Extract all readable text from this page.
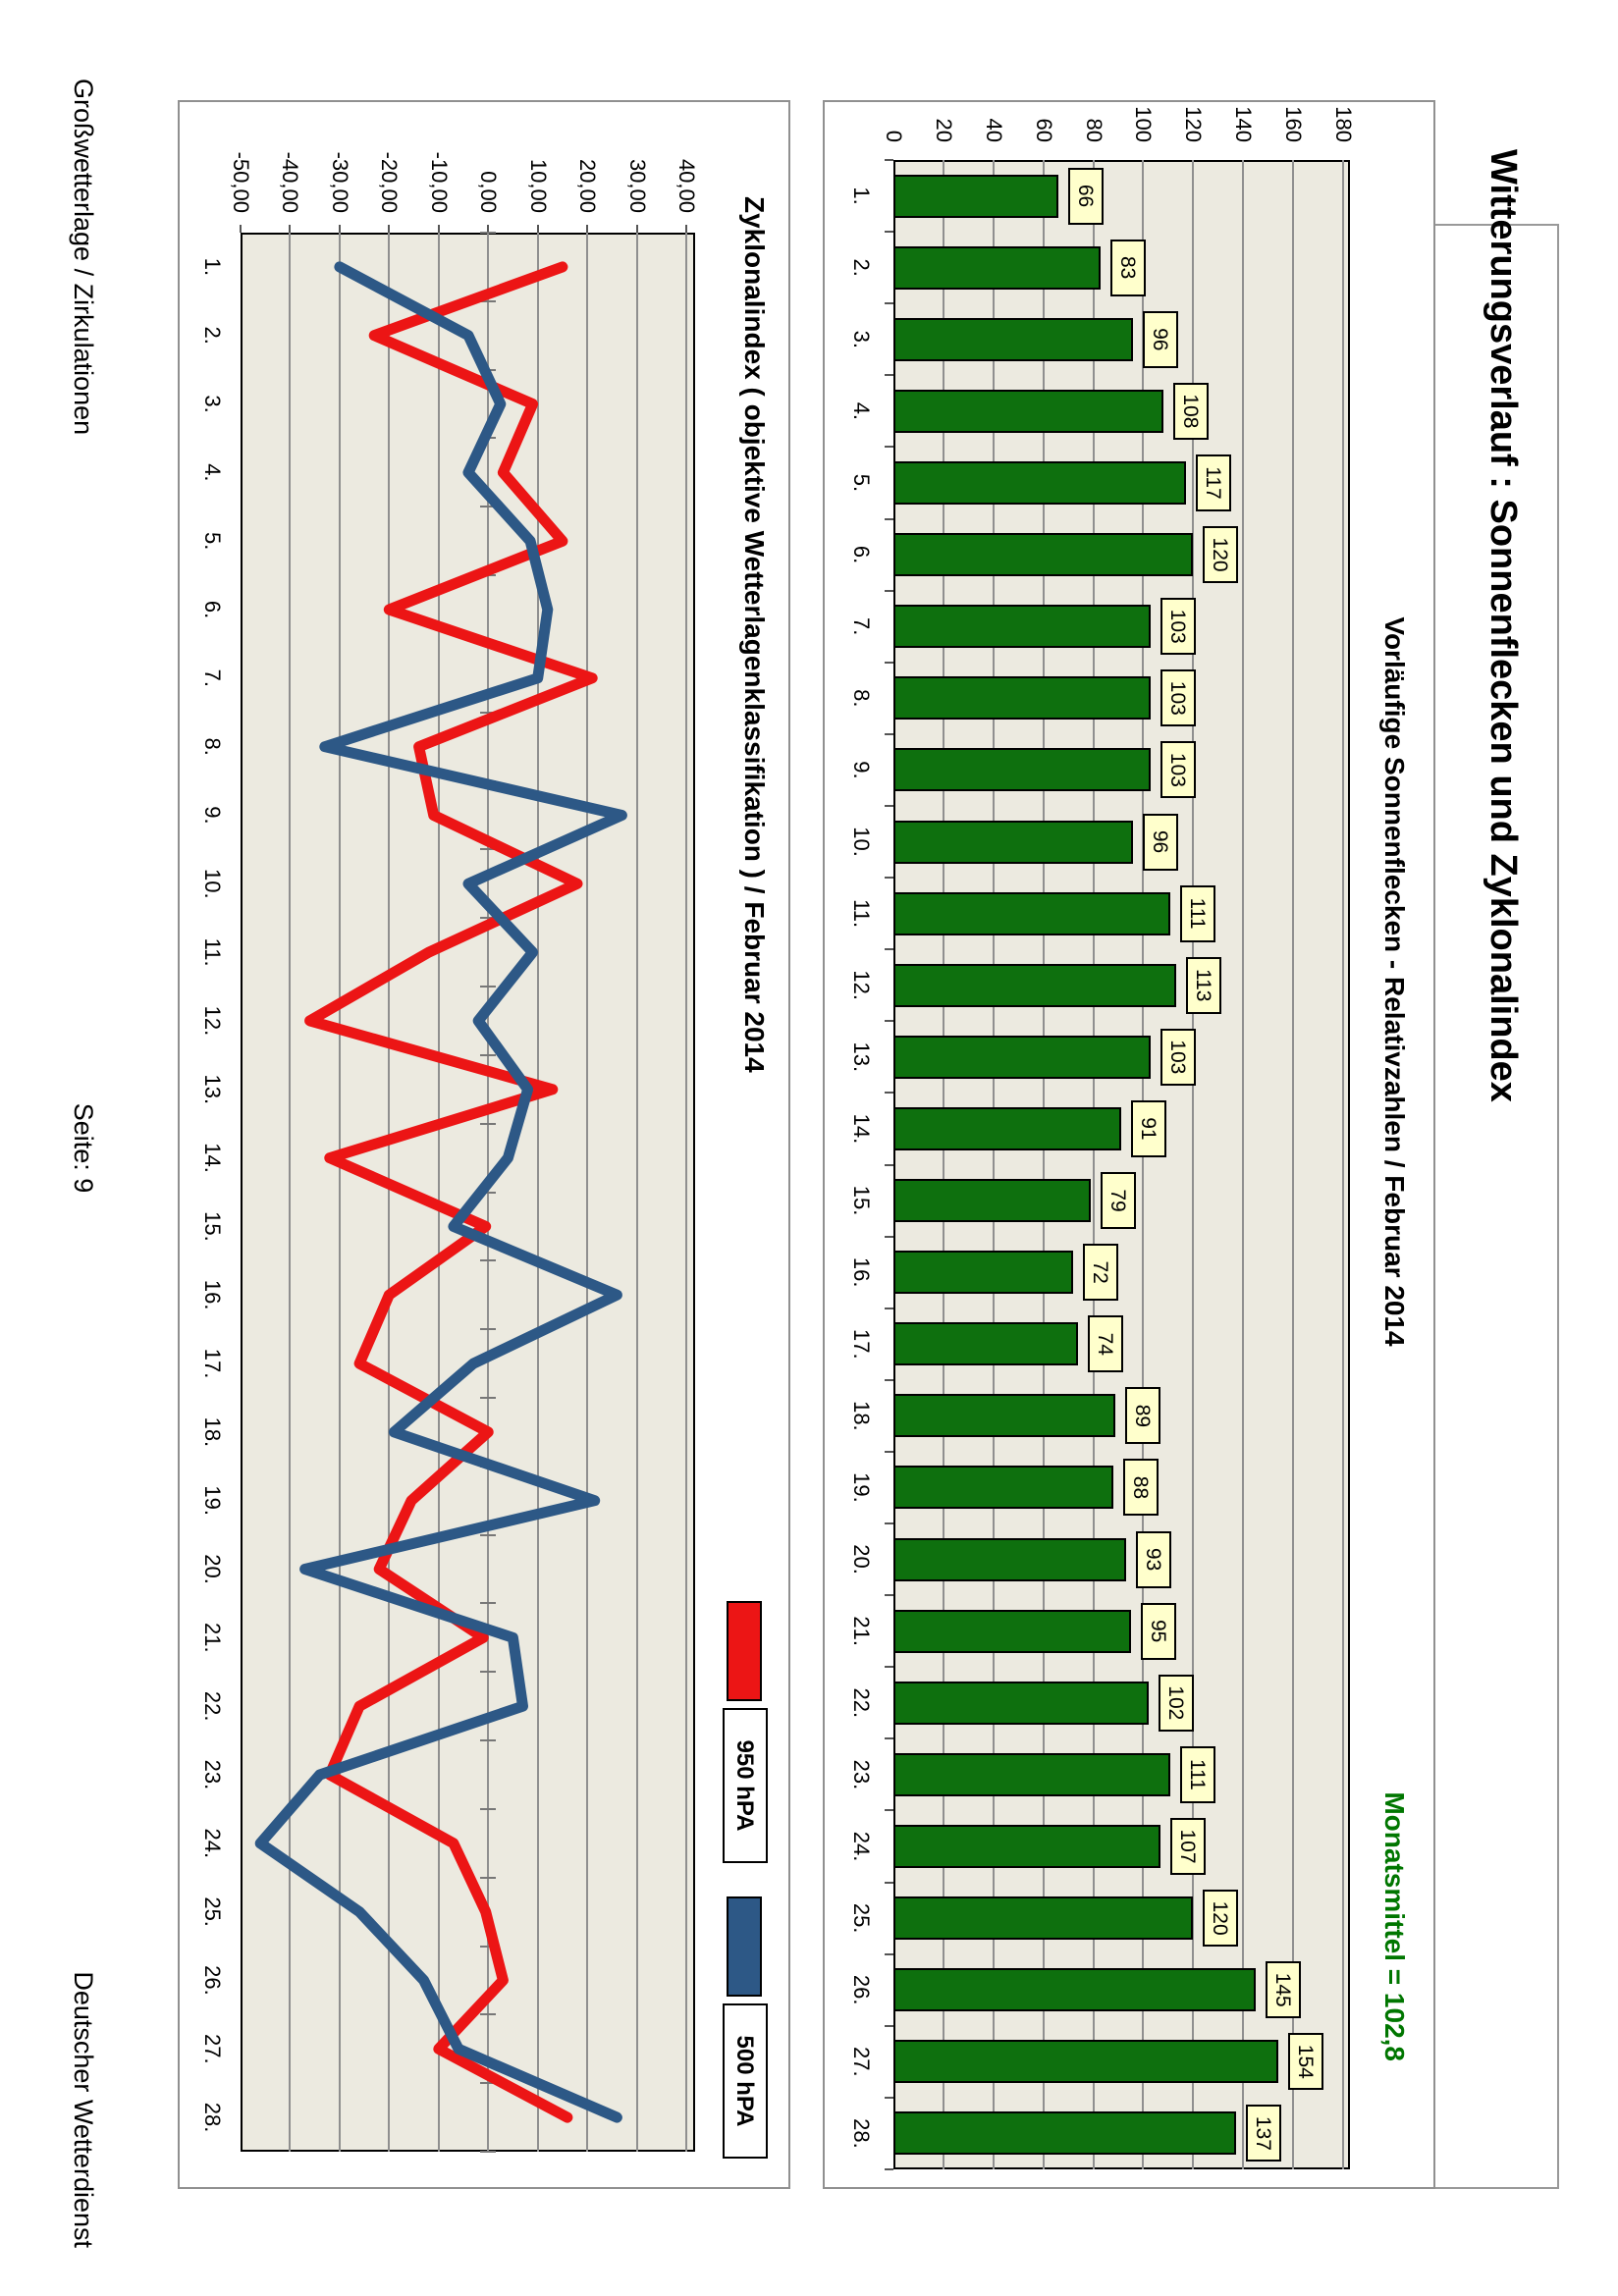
Witterungsverlauf : Sonnenflecken und Zyklonalindex
Vorläufige Sonnenflecken - Relativzahlen / Februar 2014
Monatsmittel = 102,8
0 20 40 60 80 100 120 140 160 180
66
1.
83
2.
96
3.
108
4.
117
5.
120
6.
103
7.
103
8.
103
9.
96
10.
111
11.
113
12.
103
13.
91
14.
79
15.
72
16.
74
17.
89
18.
88
19.
93
20.
95
21.
102
22.
111
23.
107
24.
120
25.
145
26.
154
27.
137
28.
Zyklonalindex ( objektive Wetterlagenklassifikation ) / Februar 2014
950 hPA
500 hPA
-50,00 -40,00 -30,00 -20,00 -10,00 0,00 10,00 20,00 30,00 40,00
1.
2.
3.
4.
5.
6.
7.
8.
9.
10.
11.
12.
13.
14.
15.
16.
17.
18.
19.
20.
21.
22.
23.
24.
25.
26.
27.
28.
Großwetterlage / Zirkulationen
Seite: 9
Deutscher Wetterdienst
